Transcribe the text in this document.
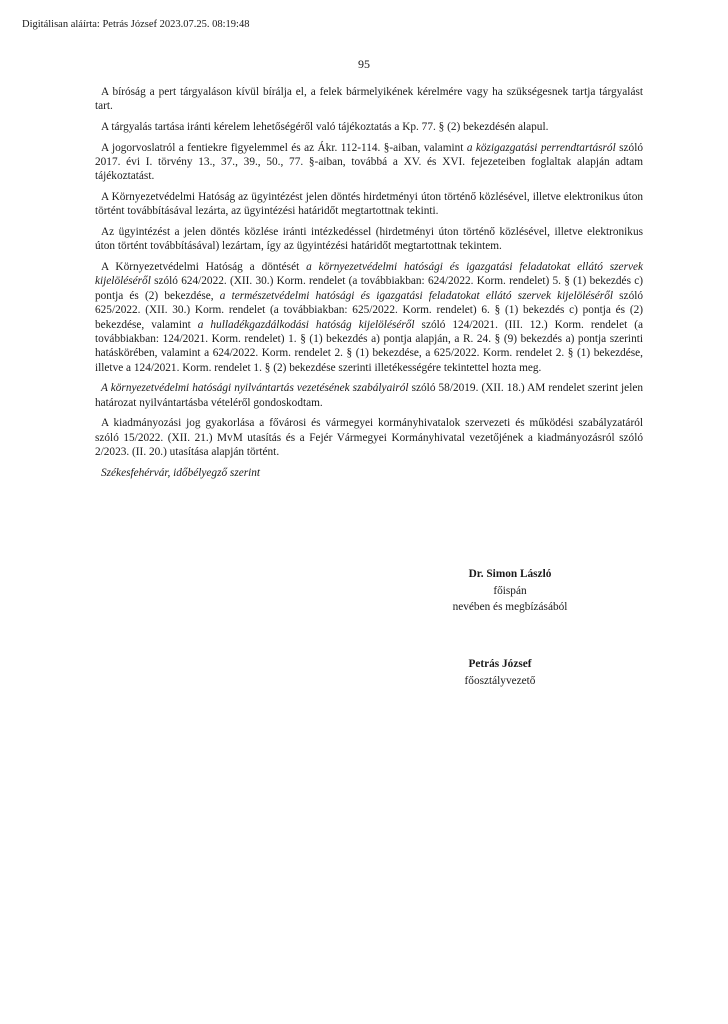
Digitálisan aláírta: Petrás József 2023.07.25. 08:19:48
95

A bíróság a pert tárgyaláson kívül bírálja el, a felek bármelyikének kérelmére vagy ha szükségesnek tartja tárgyalást tart.

A tárgyalás tartása iránti kérelem lehetőségéről való tájékoztatás a Kp. 77. § (2) bekezdésén alapul.

A jogorvoslatról a fentiekre figyelemmel és az Ákr. 112-114. §-aiban, valamint a közigazgatási perrendtartásról szóló 2017. évi I. törvény 13., 37., 39., 50., 77. §-aiban, továbbá a XV. és XVI. fejezeteiben foglaltak alapján adtam tájékoztatást.

A Környezetvédelmi Hatóság az ügyintézést jelen döntés hirdetményi úton történő közlésével, illetve elektronikus úton történt továbbításával lezárta, az ügyintézési határidőt megtartottnak tekinti.

Az ügyintézést a jelen döntés közlése iránti intézkedéssel (hirdetményi úton történő közlésével, illetve elektronikus úton történt továbbításával) lezártam, így az ügyintézési határidőt megtartottnak tekintem.

A Környezetvédelmi Hatóság a döntését a környezetvédelmi hatósági és igazgatási feladatokat ellátó szervek kijelöléséről szóló 624/2022. (XII. 30.) Korm. rendelet (a továbbiakban: 624/2022. Korm. rendelet) 5. § (1) bekezdés c) pontja és (2) bekezdése, a természetvédelmi hatósági és igazgatási feladatokat ellátó szervek kijelöléséről szóló 625/2022. (XII. 30.) Korm. rendelet (a továbbiakban: 625/2022. Korm. rendelet) 6. § (1) bekezdés c) pontja és (2) bekezdése, valamint a hulladékgazdálkodási hatóság kijelöléséről szóló 124/2021. (III. 12.) Korm. rendelet (a továbbiakban: 124/2021. Korm. rendelet) 1. § (1) bekezdés a) pontja alapján, a R. 24. § (9) bekezdés a) pontja szerinti hatáskörében, valamint a 624/2022. Korm. rendelet 2. § (1) bekezdése, a 625/2022. Korm. rendelet 2. § (1) bekezdése, illetve a 124/2021. Korm. rendelet 1. § (2) bekezdése szerinti illetékességére tekintettel hozta meg.

A környezetvédelmi hatósági nyilvántartás vezetésének szabályairól szóló 58/2019. (XII. 18.) AM rendelet szerint jelen határozat nyilvántartásba vételéről gondoskodtam.

A kiadmányozási jog gyakorlása a fővárosi és vármegyei kormányhivatalok szervezeti és működési szabályzatáról szóló 15/2022. (XII. 21.) MvM utasítás és a Fejér Vármegyei Kormányhivatal vezetőjének a kiadmányozásról szóló 2/2023. (II. 20.) utasítása alapján történt.

Székesfehérvár, időbélyegző szerint

Dr. Simon László
főispán
nevében és megbízásából
Petrás József
főosztályvezető
